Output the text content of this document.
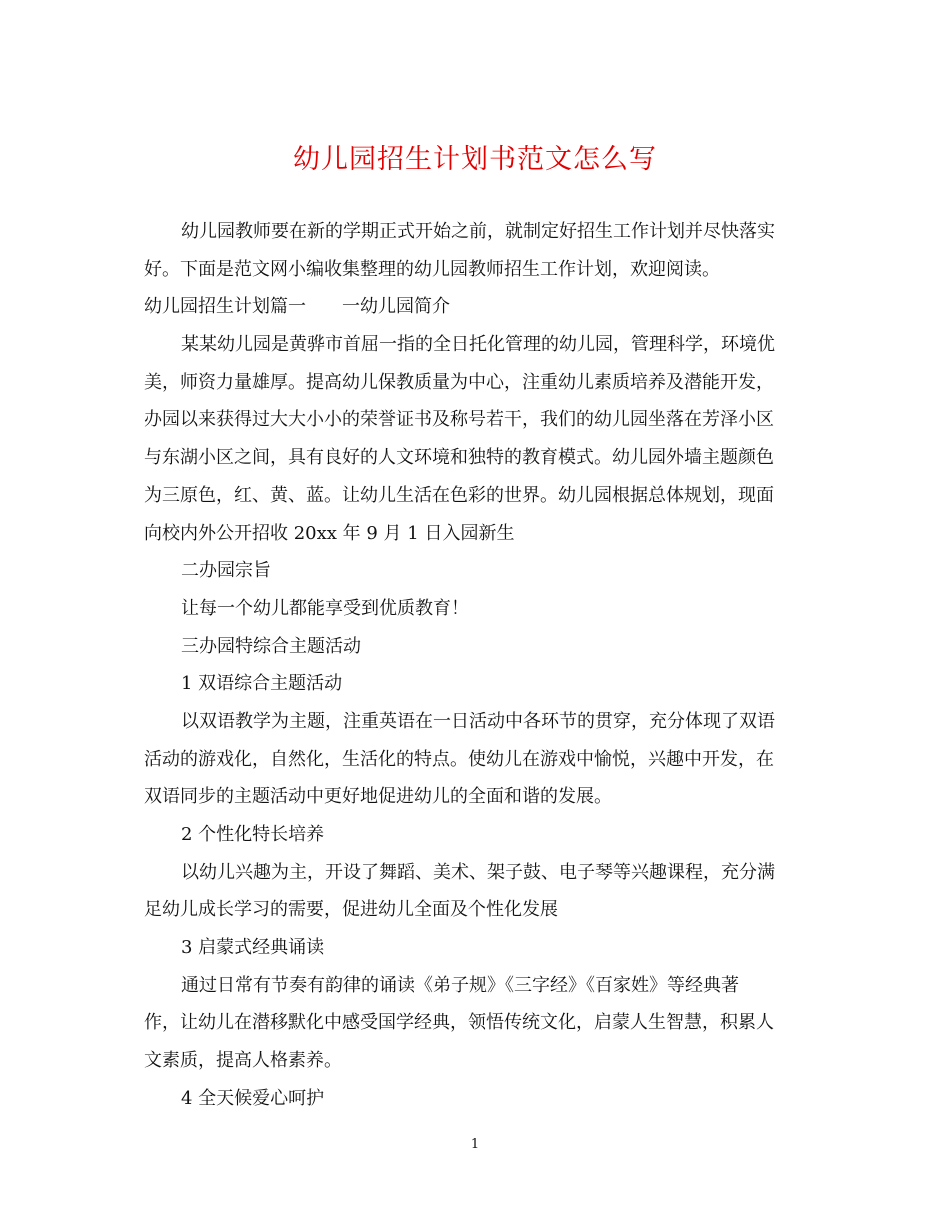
幼儿园招生计划书范文怎么写
幼儿园教师要在新的学期正式开始之前，就制定好招生工作计划并尽快落实
好。下面是范文网小编收集整理的幼儿园教师招生工作计划，欢迎阅读。
幼儿园招生计划篇一　　一幼儿园简介
某某幼儿园是黄骅市首屈一指的全日托化管理的幼儿园，管理科学，环境优
美，师资力量雄厚。提高幼儿保教质量为中心，注重幼儿素质培养及潜能开发，
办园以来获得过大大小小的荣誉证书及称号若干，我们的幼儿园坐落在芳泽小区
与东湖小区之间，具有良好的人文环境和独特的教育模式。幼儿园外墙主题颜色
为三原色，红、黄、蓝。让幼儿生活在色彩的世界。幼儿园根据总体规划，现面
向校内外公开招收 20xx 年 9 月 1 日入园新生
二办园宗旨
让每一个幼儿都能享受到优质教育！
三办园特综合主题活动
1 双语综合主题活动
以双语教学为主题，注重英语在一日活动中各环节的贯穿，充分体现了双语
活动的游戏化，自然化，生活化的特点。使幼儿在游戏中愉悦，兴趣中开发，在
双语同步的主题活动中更好地促进幼儿的全面和谐的发展。
2 个性化特长培养
以幼儿兴趣为主，开设了舞蹈、美术、架子鼓、电子琴等兴趣课程，充分满
足幼儿成长学习的需要，促进幼儿全面及个性化发展
3 启蒙式经典诵读
通过日常有节奏有韵律的诵读《弟子规》《三字经》《百家姓》等经典著
作，让幼儿在潜移默化中感受国学经典，领悟传统文化，启蒙人生智慧，积累人
文素质，提高人格素养。
4 全天候爱心呵护
1
